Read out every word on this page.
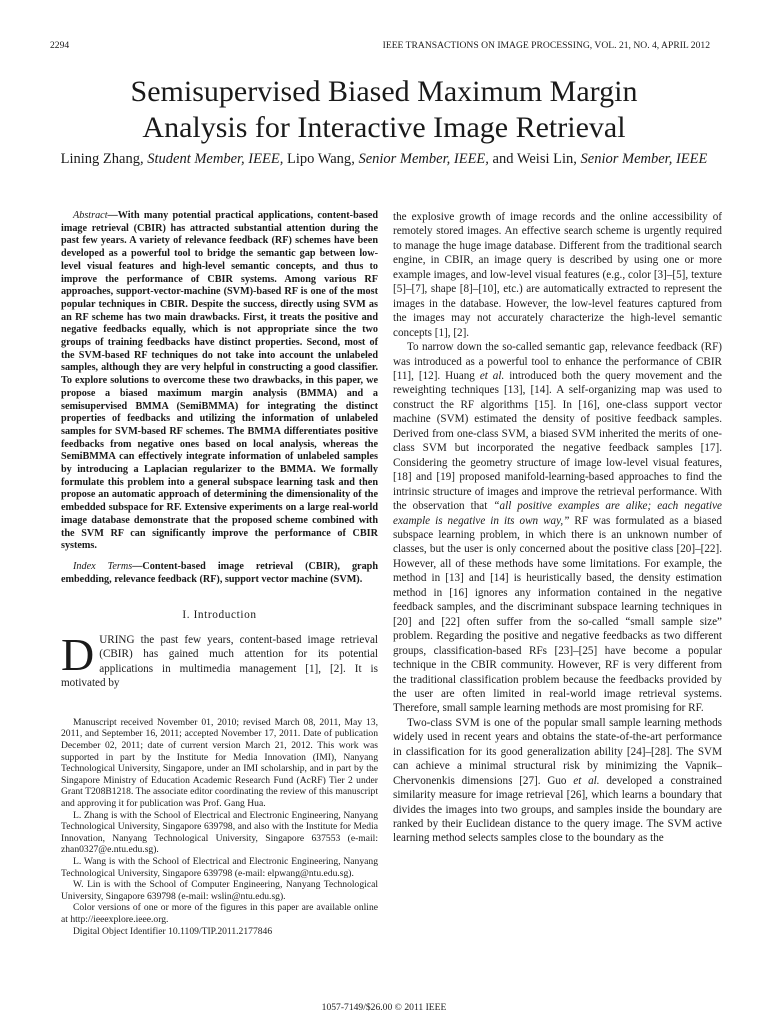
2294	IEEE TRANSACTIONS ON IMAGE PROCESSING, VOL. 21, NO. 4, APRIL 2012
Semisupervised Biased Maximum Margin
Analysis for Interactive Image Retrieval
Lining Zhang, Student Member, IEEE, Lipo Wang, Senior Member, IEEE, and Weisi Lin, Senior Member, IEEE

Abstract—With many potential practical applications, content-based image retrieval (CBIR) has attracted substantial attention during the past few years. A variety of relevance feedback (RF) schemes have been developed as a powerful tool to bridge the semantic gap between low-level visual features and high-level semantic concepts, and thus to improve the performance of CBIR systems. Among various RF approaches, support-vector-machine (SVM)-based RF is one of the most popular techniques in CBIR. Despite the success, directly using SVM as an RF scheme has two main drawbacks. First, it treats the positive and negative feedbacks equally, which is not appropriate since the two groups of training feedbacks have distinct properties. Second, most of the SVM-based RF techniques do not take into account the unlabeled samples, although they are very helpful in constructing a good classifier. To explore solutions to overcome these two drawbacks, in this paper, we propose a biased maximum margin analysis (BMMA) and a semisupervised BMMA (SemiBMMA) for integrating the distinct properties of feedbacks and utilizing the information of unlabeled samples for SVM-based RF schemes. The BMMA differentiates positive feedbacks from negative ones based on local analysis, whereas the SemiBMMA can effectively integrate information of unlabeled samples by introducing a Laplacian regularizer to the BMMA. We formally formulate this problem into a general subspace learning task and then propose an automatic approach of determining the dimensionality of the embedded subspace for RF. Extensive experiments on a large real-world image database demonstrate that the proposed scheme combined with the SVM RF can significantly improve the performance of CBIR systems.

Index Terms—Content-based image retrieval (CBIR), graph embedding, relevance feedback (RF), support vector machine (SVM).

I. Introduction

DURING the past few years, content-based image retrieval (CBIR) has gained much attention for its potential applications in multimedia management [1], [2]. It is motivated by

Manuscript received November 01, 2010; revised March 08, 2011, May 13, 2011, and September 16, 2011; accepted November 17, 2011. Date of publication December 02, 2011; date of current version March 21, 2012. This work was supported in part by the Institute for Media Innovation (IMI), Nanyang Technological University, Singapore, under an IMI scholarship, and in part by the Singapore Ministry of Education Academic Research Fund (AcRF) Tier 2 under Grant T208B1218. The associate editor coordinating the review of this manuscript and approving it for publication was Prof. Gang Hua.

L. Zhang is with the School of Electrical and Electronic Engineering, Nanyang Technological University, Singapore 639798, and also with the Institute for Media Innovation, Nanyang Technological University, Singapore 637553 (e-mail: zhan0327@e.ntu.edu.sg).

L. Wang is with the School of Electrical and Electronic Engineering, Nanyang Technological University, Singapore 639798 (e-mail: elpwang@ntu.edu.sg).

W. Lin is with the School of Computer Engineering, Nanyang Technological University, Singapore 639798 (e-mail: wslin@ntu.edu.sg).

Color versions of one or more of the figures in this paper are available online at http://ieeexplore.ieee.org.

Digital Object Identifier 10.1109/TIP.2011.2177846

the explosive growth of image records and the online accessibility of remotely stored images. An effective search scheme is urgently required to manage the huge image database. Different from the traditional search engine, in CBIR, an image query is described by using one or more example images, and low-level visual features (e.g., color [3]–[5], texture [5]–[7], shape [8]–[10], etc.) are automatically extracted to represent the images in the database. However, the low-level features captured from the images may not accurately characterize the high-level semantic concepts [1], [2].

To narrow down the so-called semantic gap, relevance feedback (RF) was introduced as a powerful tool to enhance the performance of CBIR [11], [12]. Huang et al. introduced both the query movement and the reweighting techniques [13], [14]. A self-organizing map was used to construct the RF algorithms [15]. In [16], one-class support vector machine (SVM) estimated the density of positive feedback samples. Derived from one-class SVM, a biased SVM inherited the merits of one-class SVM but incorporated the negative feedback samples [17]. Considering the geometry structure of image low-level visual features, [18] and [19] proposed manifold-learning-based approaches to find the intrinsic structure of images and improve the retrieval performance. With the observation that “all positive examples are alike; each negative example is negative in its own way,” RF was formulated as a biased subspace learning problem, in which there is an unknown number of classes, but the user is only concerned about the positive class [20]–[22]. However, all of these methods have some limitations. For example, the method in [13] and [14] is heuristically based, the density estimation method in [16] ignores any information contained in the negative feedback samples, and the discriminant subspace learning techniques in [20] and [22] often suffer from the so-called “small sample size” problem. Regarding the positive and negative feedbacks as two different groups, classification-based RFs [23]–[25] have become a popular technique in the CBIR community. However, RF is very different from the traditional classification problem because the feedbacks provided by the user are often limited in real-world image retrieval systems. Therefore, small sample learning methods are most promising for RF.

Two-class SVM is one of the popular small sample learning methods widely used in recent years and obtains the state-of-the-art performance in classification for its good generalization ability [24]–[28]. The SVM can achieve a minimal structural risk by minimizing the Vapnik–Chervonenkis dimensions [27]. Guo et al. developed a constrained similarity measure for image retrieval [26], which learns a boundary that divides the images into two groups, and samples inside the boundary are ranked by their Euclidean distance to the query image. The SVM active learning method selects samples close to the boundary as the

1057-7149/$26.00 © 2011 IEEE
